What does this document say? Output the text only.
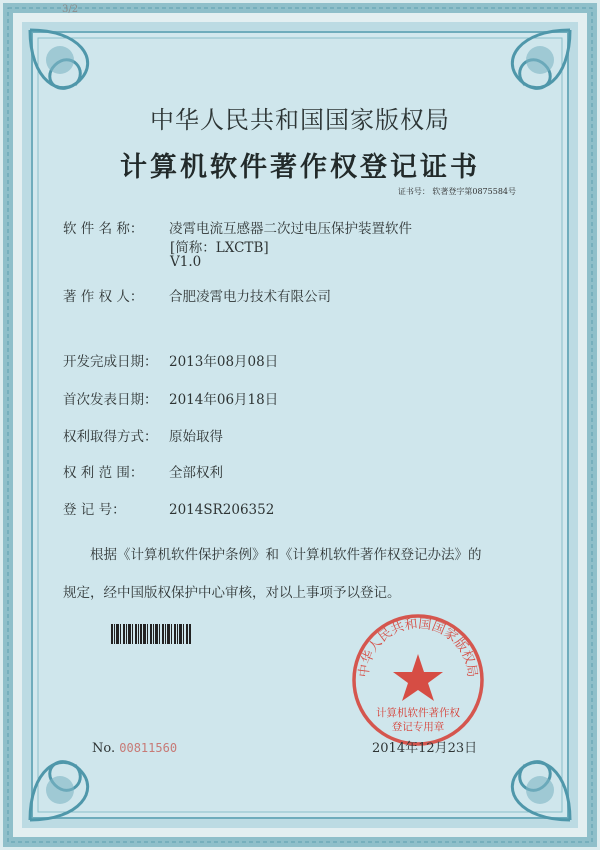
3/2
中华人民共和国国家版权局
计算机软件著作权登记证书
证书号： 软著登字第0875584号
软 件 名 称： 凌霄电流互感器二次过电压保护装置软件
[简称：LXCTB]
V1.0
著 作 权 人： 合肥凌霄电力技术有限公司
开发完成日期： 2013年08月08日
首次发表日期： 2014年06月18日
权利取得方式： 原始取得
权 利 范 围： 全部权利
登 记 号：	2014SR206352
根据《计算机软件保护条例》和《计算机软件著作权登记办法》的
规定，经中国版权保护中心审核，对以上事项予以登记。
中华人民共和国国家版权局
计算机软件著作权
登记专用章
No. 00811560	2014年12月23日
